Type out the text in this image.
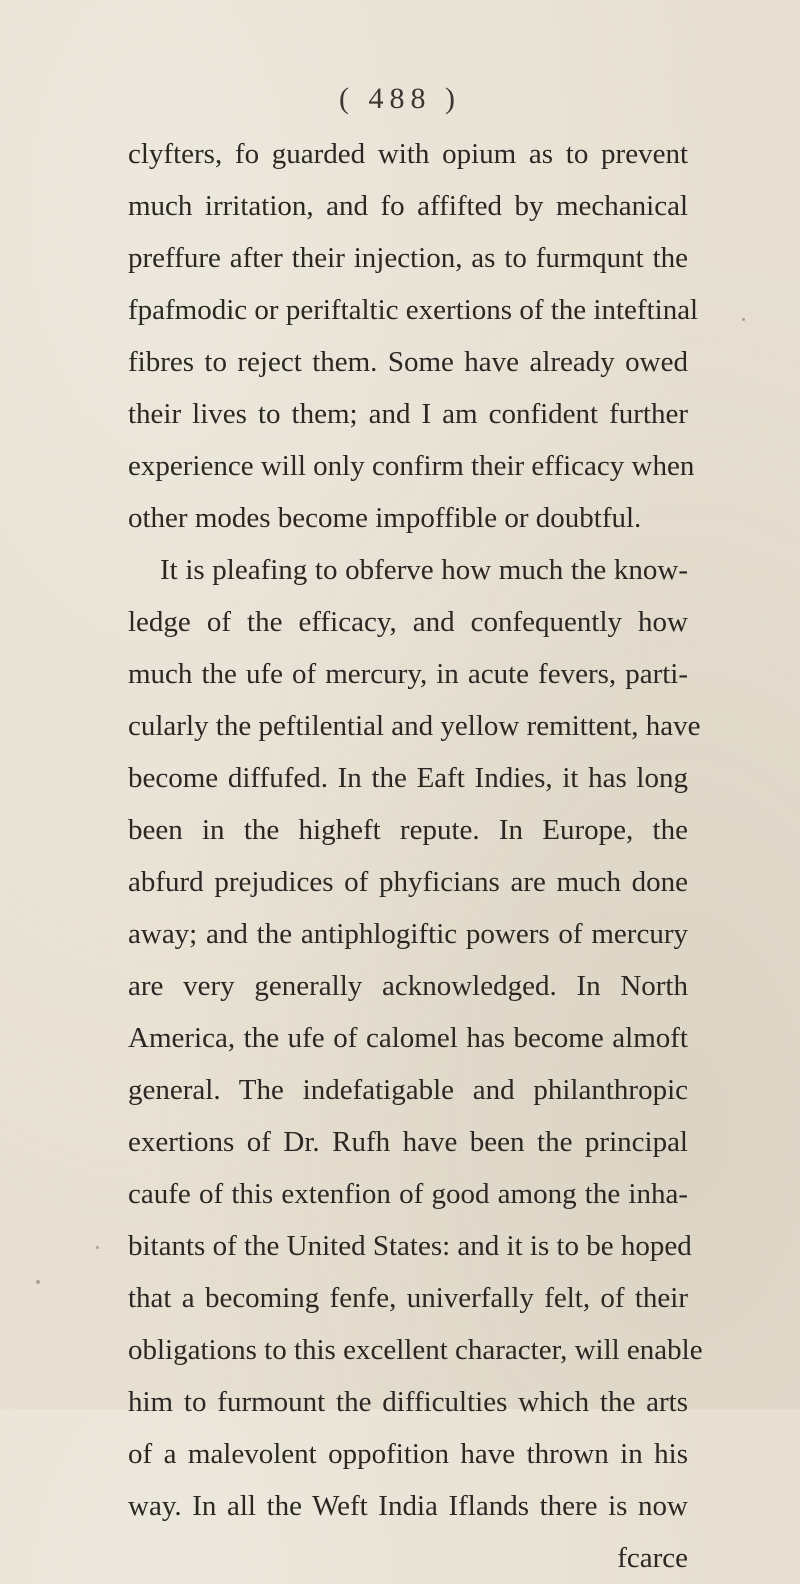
( 488 )
clyfters, fo guarded with opium as to prevent
much irritation, and fo affifted by mechanical
preffure after their injection, as to furmqunt the
fpafmodic or periftaltic exertions of the inteftinal
fibres to reject them. Some have already owed
their lives to them; and I am confident further
experience will only confirm their efficacy when
other modes become impoffible or doubtful.
It is pleafing to obferve how much the know-
ledge of the efficacy, and confequently how
much the ufe of mercury, in acute fevers, parti-
cularly the peftilential and yellow remittent, have
become diffufed. In the Eaft Indies, it has long
been in the higheft repute. In Europe, the
abfurd prejudices of phyficians are much done
away; and the antiphlogiftic powers of mercury
are very generally acknowledged. In North
America, the ufe of calomel has become almoft
general. The indefatigable and philanthropic
exertions of Dr. Rufh have been the principal
caufe of this extenfion of good among the inha-
bitants of the United States: and it is to be hoped
that a becoming fenfe, univerfally felt, of their
obligations to this excellent character, will enable
him to furmount the difficulties which the arts
of a malevolent oppofition have thrown in his
way. In all the Weft India Iflands there is now
fcarce
